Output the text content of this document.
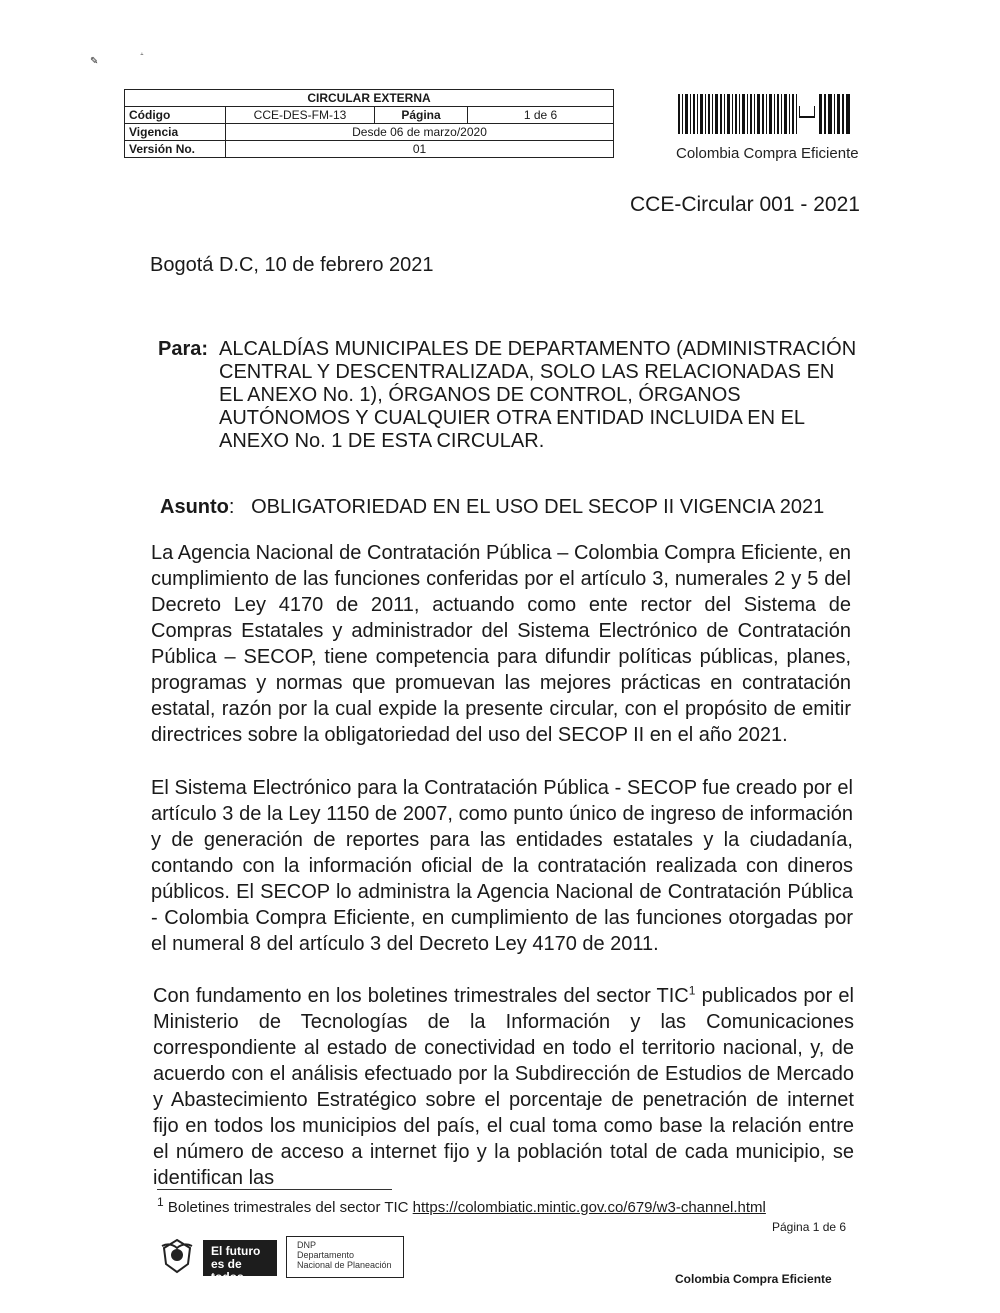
✎
CIRCULAR EXTERNA			
Código	CCE-DES-FM-13	Página	1 de 6
Vigencia	Desde 06 de marzo/2020		
Versión No.	01			Colombia Compra Eficiente
CCE-Circular 001 - 2021
Bogotá D.C, 10 de febrero 2021
Para: ALCALDÍAS MUNICIPALES DE DEPARTAMENTO (ADMINISTRACIÓN CENTRAL Y DESCENTRALIZADA, SOLO LAS RELACIONADAS EN EL ANEXO No. 1), ÓRGANOS DE CONTROL, ÓRGANOS AUTÓNOMOS Y CUALQUIER OTRA ENTIDAD INCLUIDA EN EL ANEXO No. 1 DE ESTA CIRCULAR.
Asunto: OBLIGATORIEDAD EN EL USO DEL SECOP II VIGENCIA 2021
La Agencia Nacional de Contratación Pública – Colombia Compra Eficiente, en cumplimiento de las funciones conferidas por el artículo 3, numerales 2 y 5 del Decreto Ley 4170 de 2011, actuando como ente rector del Sistema de Compras Estatales y administrador del Sistema Electrónico de Contratación Pública – SECOP, tiene competencia para difundir políticas públicas, planes, programas y normas que promuevan las mejores prácticas en contratación estatal, razón por la cual expide la presente circular, con el propósito de emitir directrices sobre la obligatoriedad del uso del SECOP II en el año 2021.
El Sistema Electrónico para la Contratación Pública - SECOP fue creado por el artículo 3 de la Ley 1150 de 2007, como punto único de ingreso de información y de generación de reportes para las entidades estatales y la ciudadanía, contando con la información oficial de la contratación realizada con dineros públicos. El SECOP lo administra la Agencia Nacional de Contratación Pública - Colombia Compra Eficiente, en cumplimiento de las funciones otorgadas por el numeral 8 del artículo 3 del Decreto Ley 4170 de 2011.
Con fundamento en los boletines trimestrales del sector TIC$^1$ publicados por el Ministerio de Tecnologías de la Información y las Comunicaciones correspondiente al estado de conectividad en todo el territorio nacional, y, de acuerdo con el análisis efectuado por la Subdirección de Estudios de Mercado y Abastecimiento Estratégico sobre el porcentaje de penetración de internet fijo en todos los municipios del país, el cual toma como base la relación entre el número de acceso a internet fijo y la población total de cada municipio, se identifican las
$^1$ Boletines trimestrales del sector TIC https://colombiatic.mintic.gov.co/679/w3-channel.html
Página 1 de 6
El futuro
es de todos
DNP
Departamento
Nacional de Planeación
Colombia Compra Eficiente
